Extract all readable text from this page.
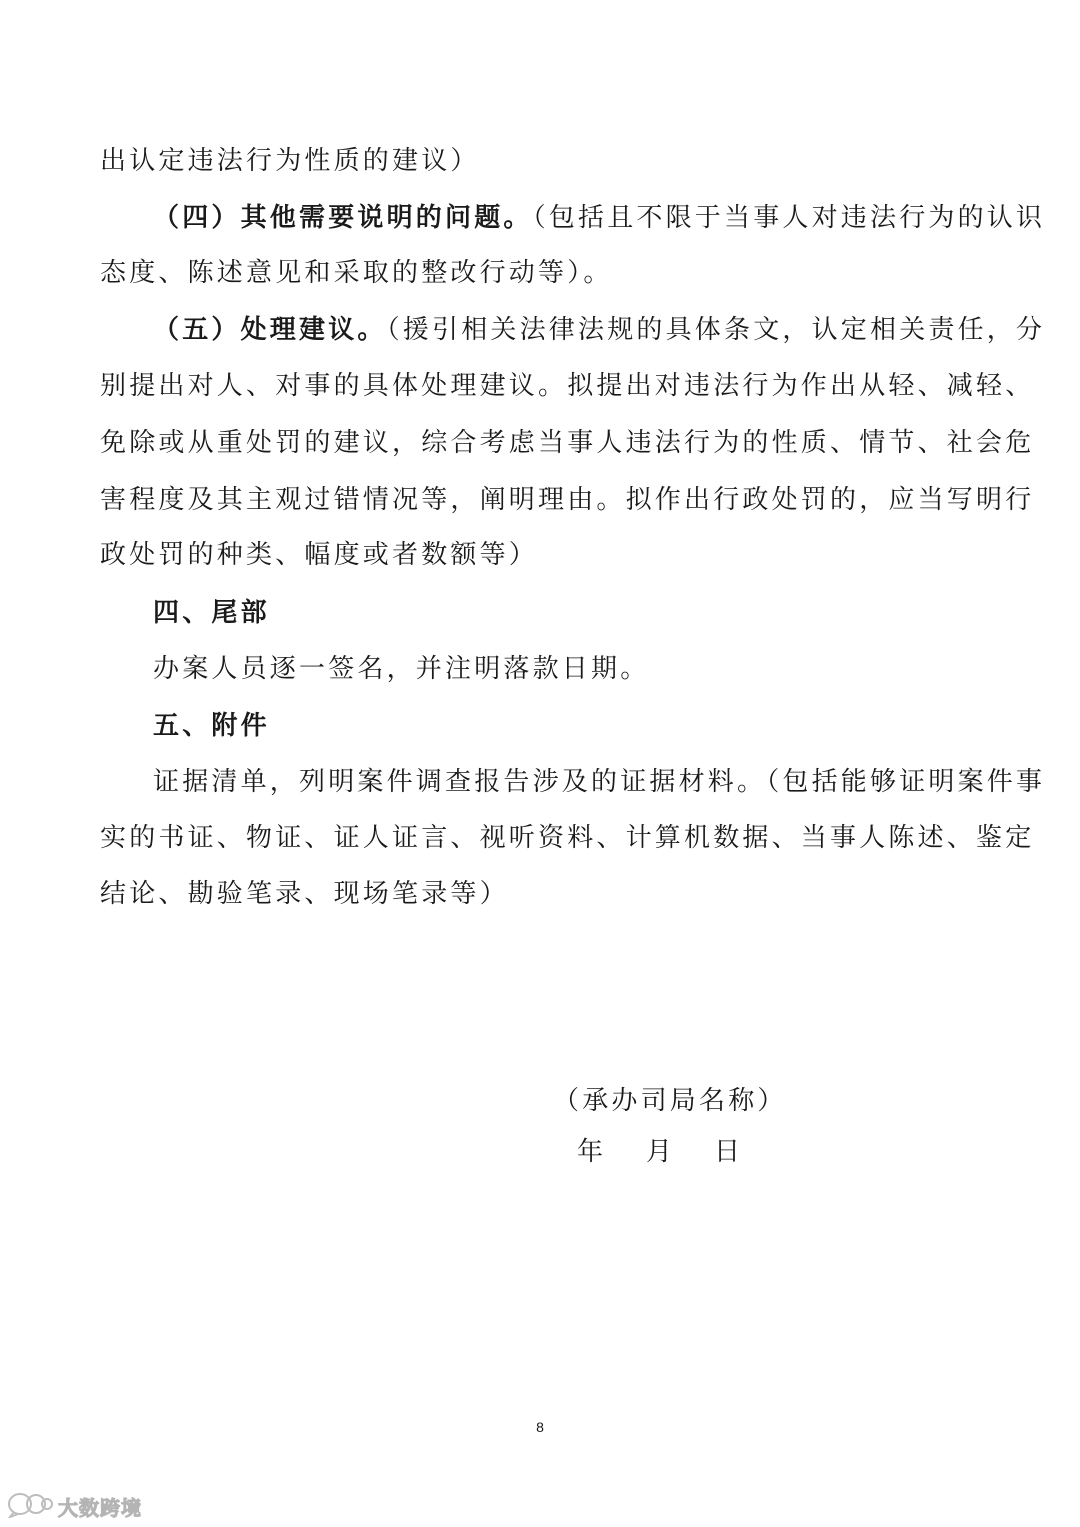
出认定违法行为性质的建议）
（四）其他需要说明的问题。（包括且不限于当事人对违法行为的认识
态度、陈述意见和采取的整改行动等）。
（五）处理建议。（援引相关法律法规的具体条文，认定相关责任，分
别提出对人、对事的具体处理建议。拟提出对违法行为作出从轻、减轻、
免除或从重处罚的建议，综合考虑当事人违法行为的性质、情节、社会危
害程度及其主观过错情况等，阐明理由。拟作出行政处罚的，应当写明行
政处罚的种类、幅度或者数额等）
四、尾部
办案人员逐一签名，并注明落款日期。
五、附件
证据清单，列明案件调查报告涉及的证据材料。（包括能够证明案件事
实的书证、物证、证人证言、视听资料、计算机数据、当事人陈述、鉴定
结论、勘验笔录、现场笔录等）
（承办司局名称）
年 月 日
8
大数跨境
